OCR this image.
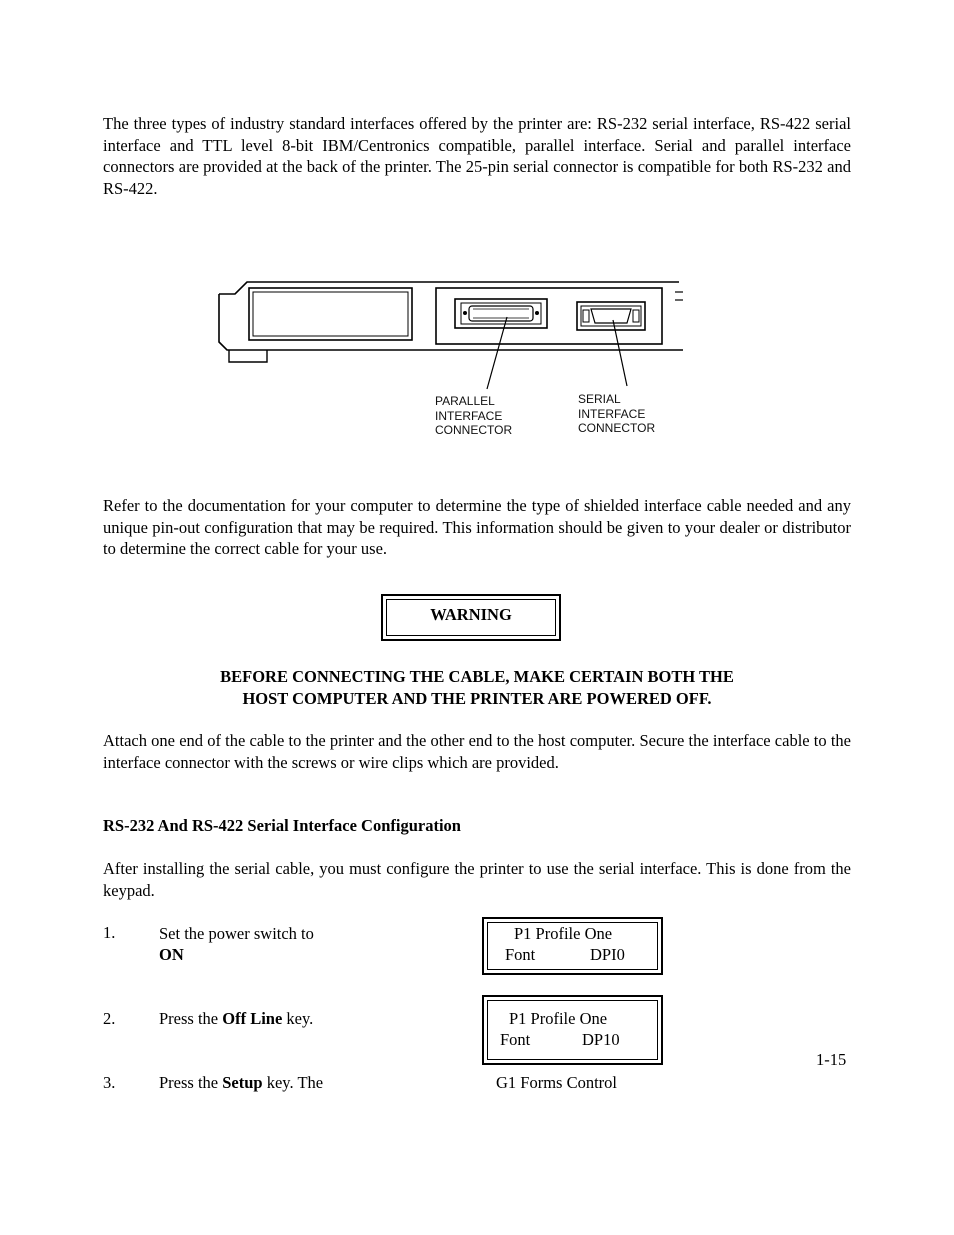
The three types of industry standard interfaces offered by the printer are: RS-232 serial interface, RS-422 serial interface and TTL level 8-bit IBM/Centronics compatible, parallel interface. Serial and parallel interface connectors are provided at the back of the printer. The 25-pin serial connector is compatible for both RS-232 and RS-422.
PARALLEL
INTERFACE
CONNECTOR
SERIAL
INTERFACE
CONNECTOR
Refer to the documentation for your computer to determine the type of shielded interface cable needed and any unique pin-out configuration that may be required. This information should be given to your dealer or distributor to determine the correct cable for your use.
WARNING
BEFORE CONNECTING THE CABLE, MAKE CERTAIN BOTH THE
HOST COMPUTER AND THE PRINTER ARE POWERED OFF.
Attach one end of the cable to the printer and the other end to the host computer. Secure the interface cable to the interface connector with the screws or wire clips which are provided.
RS-232 And RS-422 Serial Interface Configuration
After installing the serial cable, you must configure the printer to use the serial interface. This is done from the keypad.
1.	Set the power switch to
ON
P1 Profile One
Font	DPI0
2.	Press the Off Line key.	P1 Profile One
Font	DP10
1-15
3.	Press the Setup key. The	G1 Forms Control
